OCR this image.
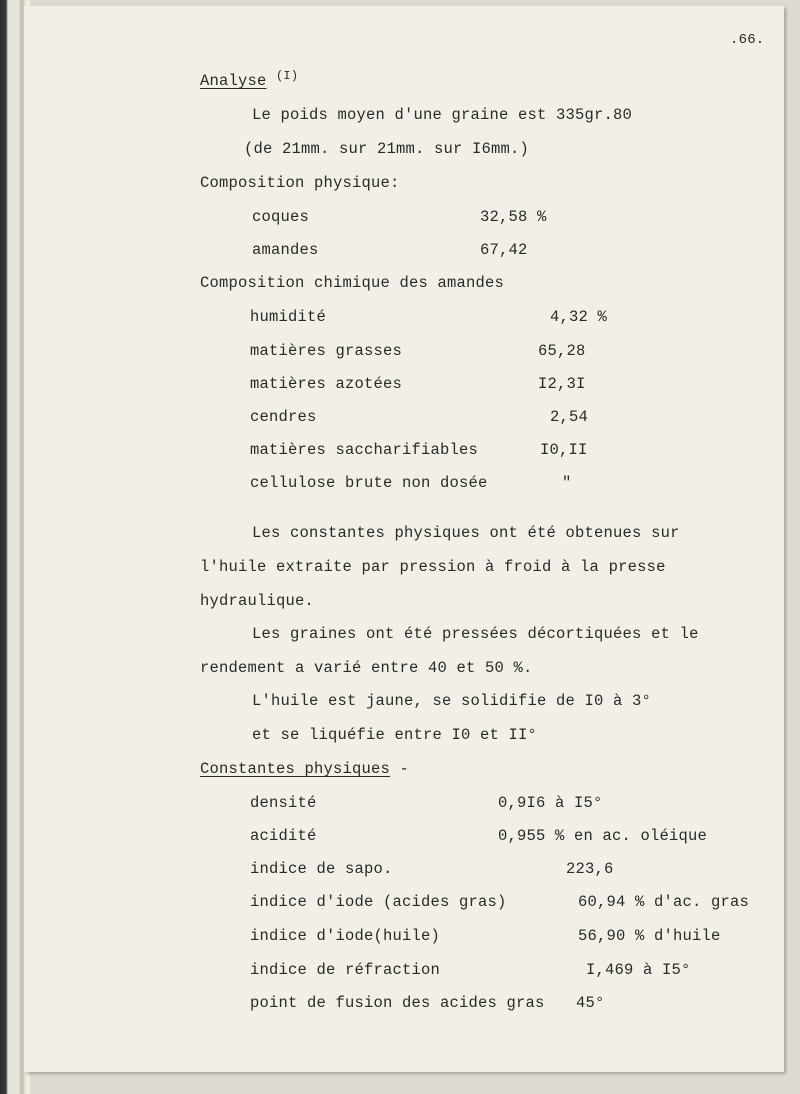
.66.
Analyse $^{(I)}$
Le poids moyen d'une graine est 335gr.80
(de 21mm. sur 21mm. sur I6mm.)
Composition physique:
coques	32,58 %
amandes	67,42
Composition chimique des amandes
humidité	4,32 %
matières grasses	65,28
matières azotées	I2,3I
cendres	2,54
matières saccharifiables	I0,II
cellulose brute non dosée	"
Les constantes physiques ont été obtenues sur
l'huile extraite par pression à froid à la presse
hydraulique.
Les graines ont été pressées décortiquées et le
rendement a varié entre 40 et 50 %.
L'huile est jaune, se solidifie de I0 à 3°
et se liquéfie entre I0 et II°
Constantes physiques -
densité	0,9I6 à I5°
acidité	0,955 % en ac. oléique
indice de sapo.	223,6
indice d'iode (acides gras)	60,94 % d'ac. gras
indice d'iode(huile)	56,90 % d'huile
indice de réfraction	I,469 à I5°
point de fusion des acides gras 45°
